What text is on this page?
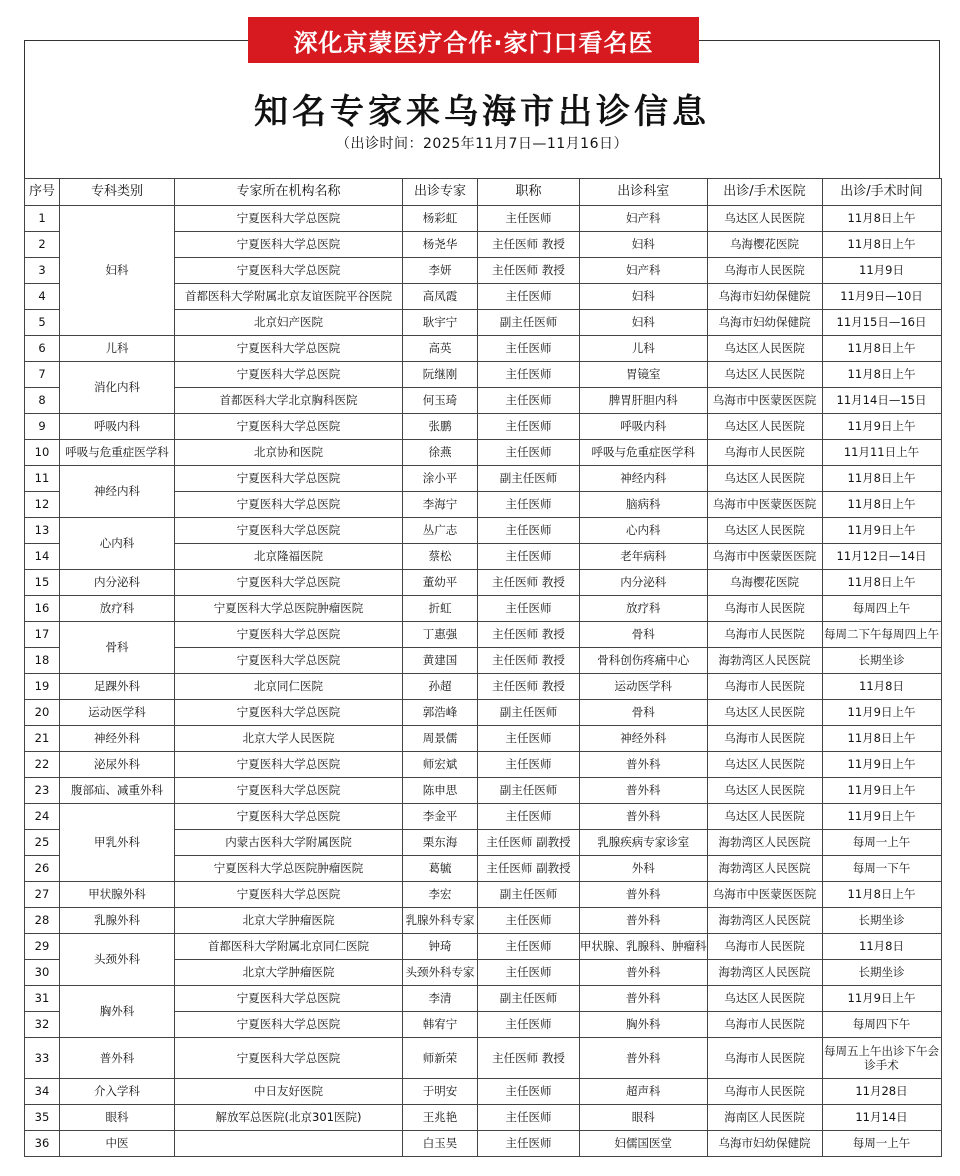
深化京蒙医疗合作·家门口看名医
知名专家来乌海市出诊信息
（出诊时间：2025年11月7日—11月16日）
序号	专科类别	专家所在机构名称	出诊专家	职称	出诊科室	出诊/手术医院	出诊/手术时间
1	妇科	宁夏医科大学总医院	杨彩虹	主任医师	妇产科	乌达区人民医院	11月8日上午
2		宁夏医科大学总医院	杨尧华	主任医师 教授	妇科	乌海樱花医院	11月8日上午
3		宁夏医科大学总医院	李妍	主任医师 教授	妇产科	乌海市人民医院	11月9日
4		首都医科大学附属北京友谊医院平谷医院	高凤霞	主任医师	妇科	乌海市妇幼保健院	11月9日—10日
5		北京妇产医院	耿宇宁	副主任医师	妇科	乌海市妇幼保健院	11月15日—16日
6	儿科	宁夏医科大学总医院	高英	主任医师	儿科	乌达区人民医院	11月8日上午
7	消化内科	宁夏医科大学总医院	阮继刚	主任医师	胃镜室	乌达区人民医院	11月8日上午
8		首都医科大学北京胸科医院	何玉琦	主任医师	脾胃肝胆内科	乌海市中医蒙医医院	11月14日—15日
9	呼吸内科	宁夏医科大学总医院	张鹏	主任医师	呼吸内科	乌达区人民医院	11月9日上午
10	呼吸与危重症医学科	北京协和医院	徐燕	主任医师	呼吸与危重症医学科	乌海市人民医院	11月11日上午
11	神经内科	宁夏医科大学总医院	涂小平	副主任医师	神经内科	乌达区人民医院	11月8日上午
12		宁夏医科大学总医院	李海宁	主任医师	脑病科	乌海市中医蒙医医院	11月8日上午
13	心内科	宁夏医科大学总医院	丛广志	主任医师	心内科	乌达区人民医院	11月9日上午
14		北京隆福医院	蔡松	主任医师	老年病科	乌海市中医蒙医医院	11月12日—14日
15	内分泌科	宁夏医科大学总医院	董幼平	主任医师 教授	内分泌科	乌海樱花医院	11月8日上午
16	放疗科	宁夏医科大学总医院肿瘤医院	折虹	主任医师	放疗科	乌海市人民医院	每周四上午
17	骨科	宁夏医科大学总医院	丁惠强	主任医师 教授	骨科	乌海市人民医院	每周二下午每周四上午
18		宁夏医科大学总医院	黄建国	主任医师 教授	骨科创伤疼痛中心	海勃湾区人民医院	长期坐诊
19	足踝外科	北京同仁医院	孙超	主任医师 教授	运动医学科	乌海市人民医院	11月8日
20	运动医学科	宁夏医科大学总医院	郭浩峰	副主任医师	骨科	乌达区人民医院	11月9日上午
21	神经外科	北京大学人民医院	周景儒	主任医师	神经外科	乌海市人民医院	11月8日上午
22	泌尿外科	宁夏医科大学总医院	师宏斌	主任医师	普外科	乌达区人民医院	11月9日上午
23	腹部疝、减重外科	宁夏医科大学总医院	陈申思	副主任医师	普外科	乌达区人民医院	11月9日上午
24	甲乳外科	宁夏医科大学总医院	李金平	主任医师	普外科	乌达区人民医院	11月9日上午
25		内蒙古医科大学附属医院	栗东海	主任医师 副教授	乳腺疾病专家诊室	海勃湾区人民医院	每周一上午
26		宁夏医科大学总医院肿瘤医院	葛毓	主任医师 副教授	外科	海勃湾区人民医院	每周一下午
27	甲状腺外科	宁夏医科大学总医院	李宏	副主任医师	普外科	乌海市中医蒙医医院	11月8日上午
28	乳腺外科	北京大学肿瘤医院	乳腺外科专家	主任医师	普外科	海勃湾区人民医院	长期坐诊
29	头颈外科	首都医科大学附属北京同仁医院	钟琦	主任医师	甲状腺、乳腺科、肿瘤科	乌海市人民医院	11月8日
30		北京大学肿瘤医院	头颈外科专家	主任医师	普外科	海勃湾区人民医院	长期坐诊
31	胸外科	宁夏医科大学总医院	李清	副主任医师	普外科	乌达区人民医院	11月9日上午
32		宁夏医科大学总医院	韩宥宁	主任医师	胸外科	乌海市人民医院	每周四下午
33	普外科	宁夏医科大学总医院	师新荣	主任医师 教授	普外科	乌海市人民医院	每周五上午出诊下午会诊手术
34	介入学科	中日友好医院	于明安	主任医师	超声科	乌海市人民医院	11月28日
35	眼科	解放军总医院(北京301医院)	王兆艳	主任医师	眼科	海南区人民医院	11月14日
36	中医		白玉昊	主任医师	妇儒国医堂	乌海市妇幼保健院	每周一上午
